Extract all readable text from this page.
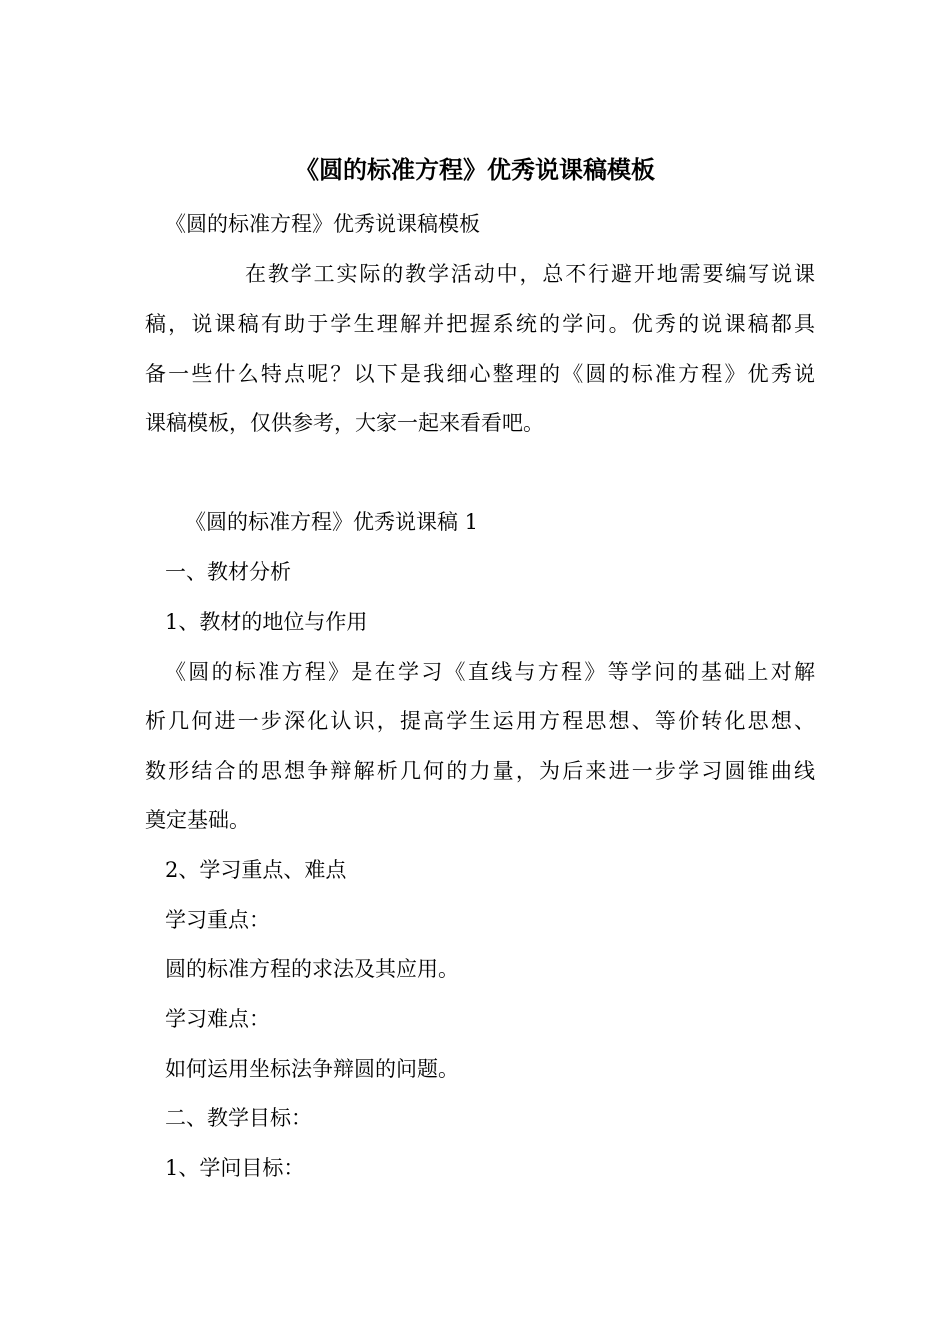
《圆的标准方程》优秀说课稿模板

《圆的标准方程》优秀说课稿模板

在教学工实际的教学活动中，总不行避开地需要编写说课

稿，说课稿有助于学生理解并把握系统的学问。优秀的说课稿都具

备一些什么特点呢？以下是我细心整理的《圆的标准方程》优秀说

课稿模板，仅供参考，大家一起来看看吧。

《圆的标准方程》优秀说课稿 1

一、教材分析

1、教材的地位与作用

《圆的标准方程》是在学习《直线与方程》等学问的基础上对解

析几何进一步深化认识，提高学生运用方程思想、等价转化思想、

数形结合的思想争辩解析几何的力量，为后来进一步学习圆锥曲线

奠定基础。

2、学习重点、难点

学习重点：

圆的标准方程的求法及其应用。

学习难点：

如何运用坐标法争辩圆的问题。

二、教学目标：

1、学问目标：
